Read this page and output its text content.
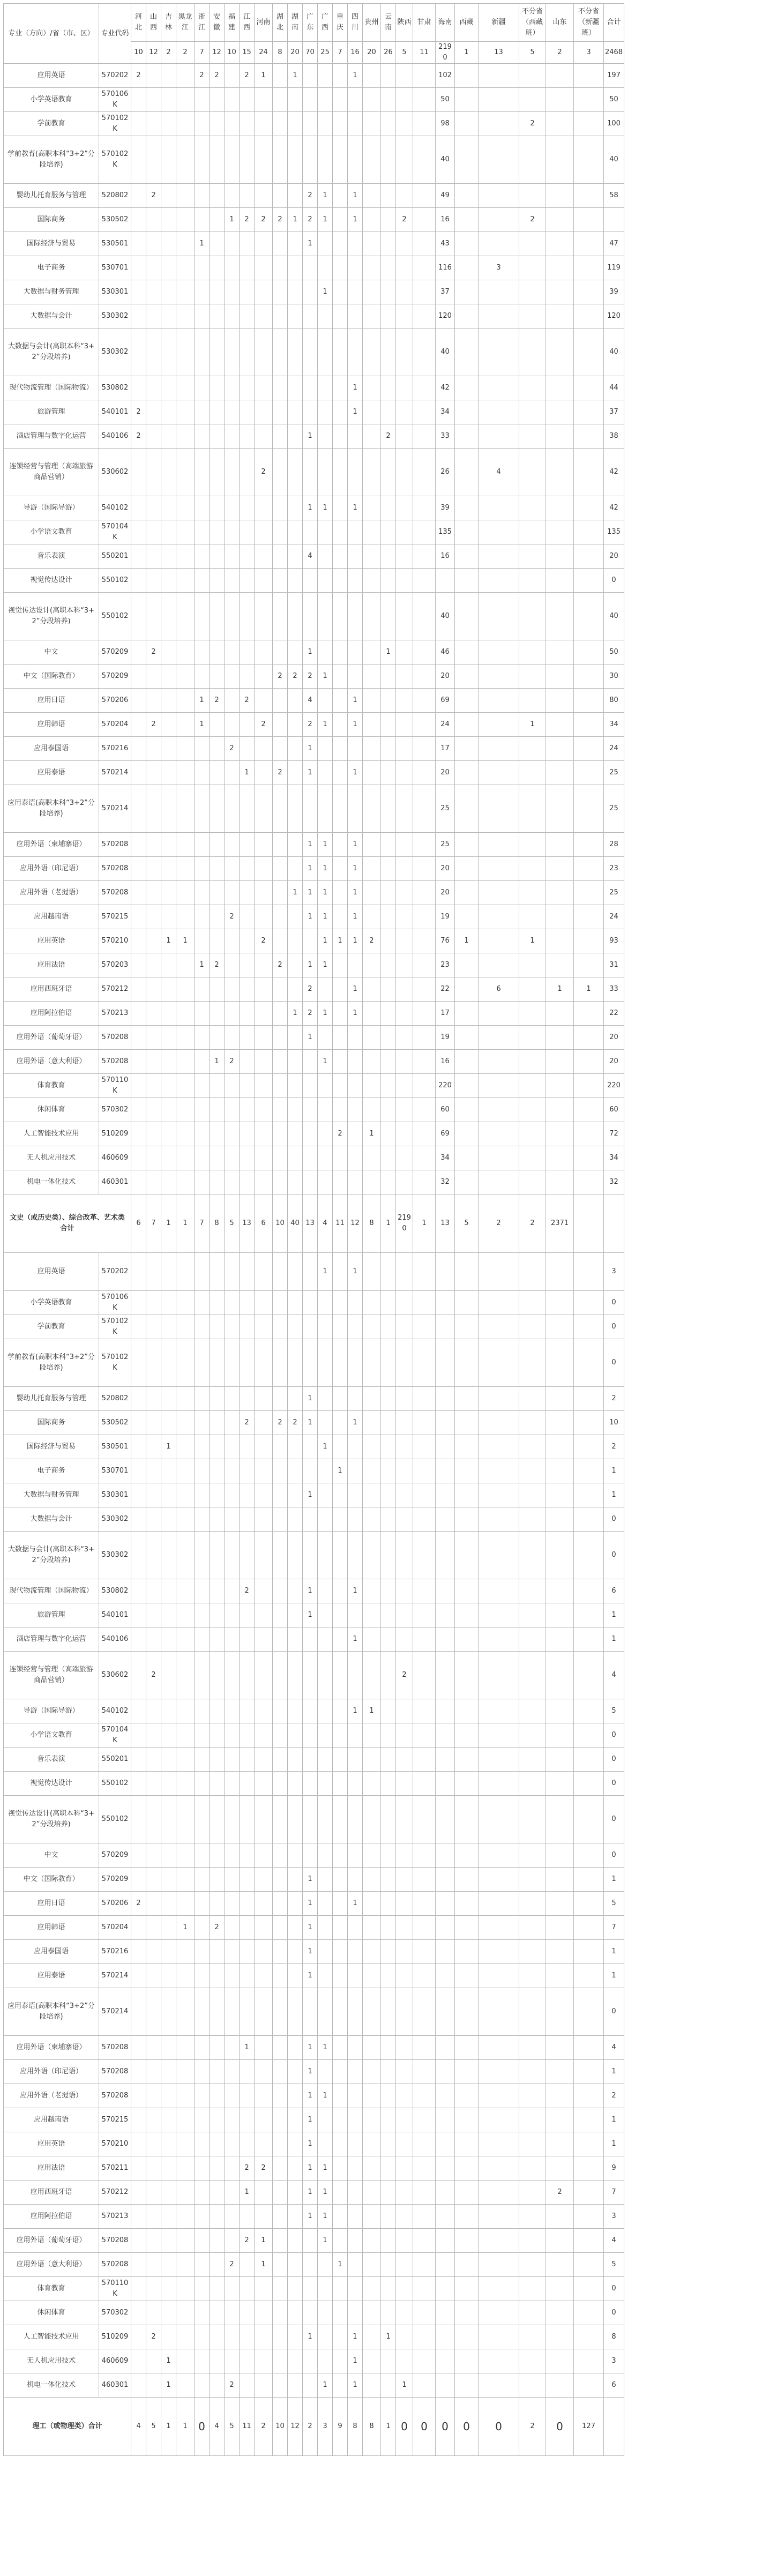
专业（方向）/省（市、区）	专业代码	河北	山西	吉林	黑龙江	浙江	安徽	福建	江西	河南	湖北	湖南	广东	广西	重庆	四川	贵州	云南	陕西	甘肃	海南	西藏	新疆	不分省（西藏班）	山东	不分省（新疆班）	合计
		10	12	2	2	7	12	10	15	24	8	20	70	25	7	16	20	26	5	11	2190	1	13	5	2	3	2468
应用英语	570202	2				2	2		2	1		1				1					102						197
小学英语教育	570106K																				50						50
学前教育	570102K																				98			2			100
学前教育(高职本科“3+2”分段培养)	570102K																				40						40
婴幼儿托育服务与管理	520802		2										2	1		1					49						58
国际商务	530502							1	2	2	2	1	2	1		1			2		16			2			
国际经济与贸易	530501					1							1								43						47
电子商务	530701																				116		3				119
大数据与财务管理	530301													1							37						39
大数据与会计	530302																				120						120
大数据与会计(高职本科“3+2”分段培养)	530302																				40						40
现代物流管理（国际物流）	530802															1					42						44
旅游管理	540101	2														1					34						37
酒店管理与数字化运营	540106	2											1					2			33						38
连锁经营与管理（高端旅游商品营销）	530602									2											26		4				42
导游（国际导游）	540102												1	1		1					39						42
小学语文教育	570104K																				135						135
音乐表演	550201												4								16						20
视觉传达设计	550102																										0
视觉传达设计(高职本科“3+2”分段培养)	550102																				40						40
中文	570209		2										1					1			46						50
中文（国际教育）	570209										2	2	2	1							20						30
应用日语	570206					1	2		2				4			1					69						80
应用韩语	570204		2			1				2			2	1		1					24			1			34
应用泰国语	570216							2					1								17						24
应用泰语	570214								1		2		1			1					20						25
应用泰语(高职本科“3+2”分段培养)	570214																				25						25
应用外语（柬埔寨语）	570208												1	1		1					25						28
应用外语（印尼语）	570208												1	1		1					20						23
应用外语（老挝语）	570208											1	1	1		1					20						25
应用越南语	570215							2					1	1		1					19						24
应用英语	570210			1	1					2				1	1	1	2				76	1		1			93
应用法语	570203					1	2				2		1	1							23						31
应用西班牙语	570212												2			1					22		6		1	1	33
应用阿拉伯语	570213											1	2	1		1					17						22
应用外语（葡萄牙语）	570208												1								19						20
应用外语（意大利语）	570208						1	2						1							16						20
体育教育	570110K																				220						220
休闲体育	570302																				60						60
人工智能技术应用	510209														2		1				69						72
无人机应用技术	460609																				34						34
机电一体化技术	460301																				32						32
文史（或历史类）、综合改革、艺术类合计		6	7	1	1	7	8	5	13	6	10	40	13	4	11	12	8	1	2190	1	13	5	2	2	2371		
应用英语	570202													1		1											3
小学英语教育	570106K																										0
学前教育	570102K																										0
学前教育(高职本科“3+2”分段培养)	570102K																										0
婴幼儿托育服务与管理	520802												1														2
国际商务	530502								2		2	2	1			1											10
国际经济与贸易	530501			1										1													2
电子商务	530701														1												1
大数据与财务管理	530301												1														1
大数据与会计	530302																										0
大数据与会计(高职本科“3+2”分段培养)	530302																										0
现代物流管理（国际物流）	530802								2				1			1											6
旅游管理	540101												1														1
酒店管理与数字化运营	540106															1											1
连锁经营与管理（高端旅游商品营销）	530602		2																2								4
导游（国际导游）	540102															1	1										5
小学语文教育	570104K																										0
音乐表演	550201																										0
视觉传达设计	550102																										0
视觉传达设计(高职本科“3+2”分段培养)	550102																										0
中文	570209																										0
中文（国际教育）	570209												1														1
应用日语	570206	2											1			1											5
应用韩语	570204				1		2						1														7
应用泰国语	570216												1														1
应用泰语	570214												1														1
应用泰语(高职本科“3+2”分段培养)	570214																										0
应用外语（柬埔寨语）	570208								1				1	1													4
应用外语（印尼语）	570208												1														1
应用外语（老挝语）	570208												1	1													2
应用越南语	570215												1														1
应用英语	570210												1														1
应用法语	570211								2	2			1	1													9
应用西班牙语	570212								1				1	1											2		7
应用阿拉伯语	570213												1	1													3
应用外语（葡萄牙语）	570208								2	1				1													4
应用外语（意大利语）	570208							2		1					1												5
体育教育	570110K																										0
休闲体育	570302																										0
人工智能技术应用	510209		2										1			1		1									8
无人机应用技术	460609			1												1											3
机电一体化技术	460301			1				2						1		1			1								6
理工（或物理类）合计		4	5	1	1	0	4	5	11	2	10	12	2	3	9	8	8	1	0	0	0	0	0	2	0	127	
